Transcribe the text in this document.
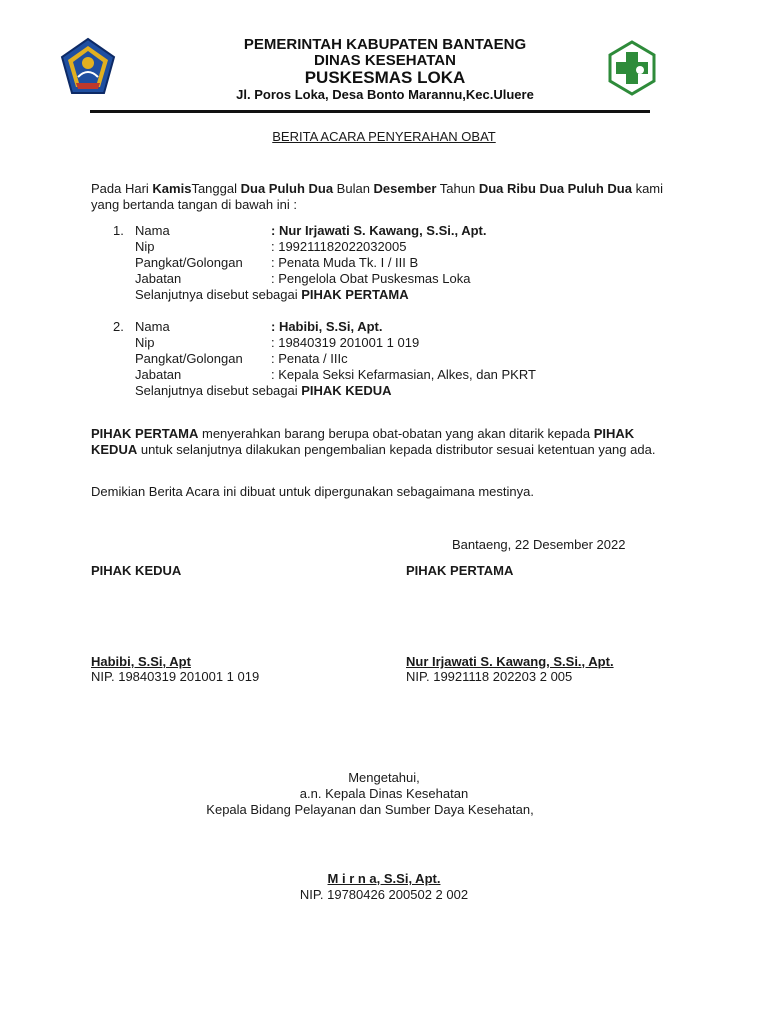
PEMERINTAH KABUPATEN BANTAENG
DINAS KESEHATAN
PUSKESMAS LOKA
Jl. Poros Loka, Desa Bonto Marannu,Kec.Uluere
BERITA ACARA PENYERAHAN OBAT
Pada Hari KamisTanggal Dua Puluh Dua Bulan Desember Tahun Dua Ribu Dua Puluh Dua kami yang bertanda tangan di bawah ini :
1. Nama	: Nur Irjawati S. Kawang, S.Si., Apt.
Nip	: 199211182022032005
Pangkat/Golongan : Penata Muda Tk. I / III B
Jabatan	: Pengelola Obat Puskesmas Loka
Selanjutnya disebut sebagai PIHAK PERTAMA
2. Nama	: Habibi, S.Si, Apt.
Nip	: 19840319 201001 1 019
Pangkat/Golongan : Penata / IIIc
Jabatan	: Kepala Seksi Kefarmasian, Alkes, dan PKRT
Selanjutnya disebut sebagai PIHAK KEDUA
PIHAK PERTAMA menyerahkan barang berupa obat-obatan yang akan ditarik kepada PIHAK KEDUA untuk selanjutnya dilakukan pengembalian kepada distributor sesuai ketentuan yang ada.
Demikian Berita Acara ini dibuat untuk dipergunakan sebagaimana mestinya.
Bantaeng, 22 Desember 2022
PIHAK KEDUA	PIHAK PERTAMA
Habibi, S.Si, Apt
NIP. 19840319 201001 1 019
Nur Irjawati S. Kawang, S.Si., Apt.
NIP. 19921118 202203 2 005
Mengetahui,
a.n. Kepala Dinas Kesehatan
Kepala Bidang Pelayanan dan Sumber Daya Kesehatan,
M i r n a, S.Si, Apt.
NIP. 19780426 200502 2 002
